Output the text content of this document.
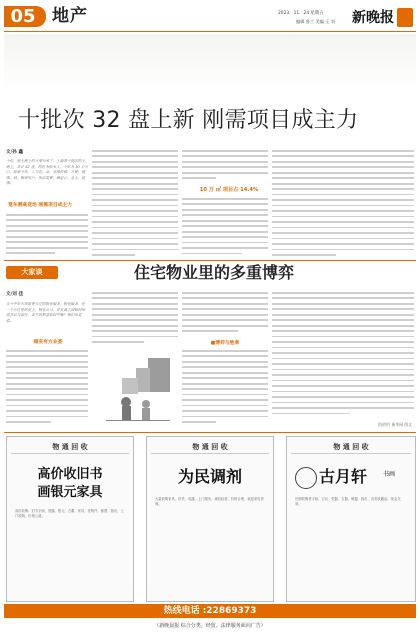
05 地产	2023．11．24 星期五
编辑 鲁兰 美编 王 刘 新晚报
十批次 32 盘上新 刚需项目成主力
文/孙 鑫
今年，黑土地上的大部分房子，上海等十批次的土地上，共计 32 盘，所在为前来人、今年为 30 余万户。如果今年，人力在、北，本地价格、方便、健康、到、购房用户；所以需要、满足心、业主、健康。
宽车侧高竞场 刚需项目成主力
10 万 ㎡ 项目占 14.4%
大家谈	住宅物业里的多重博弈
文/刘 佳
当今中年大家庭更关注的物业服务，物业服务，在一个小区里的业主、物业公司、开发商之间如何形成共识与信任，各方的利益如何平衡？我们来看看。
稳妥有方业委	■博弈与胜率
图/图片 新华网 图文
物 通 回 收
高价收旧书
画银元家具
高价收购：旧书字画、瓷器、银元、古董、家具、老物件、邮票、钱币，上门收购，价格公道。
物 通 回 收
为民调剂
大量收购家具、旧货、电器，上门服务，诚信经营，价格合理，欢迎来电咨询。
物 通 回 收
古月轩	书画
长期收购老字画、古玩、瓷器、玉器、铜器、钱币，各类收藏品，现金交易。
热线电话 :22869373
（新晚晨报 综合分类、经贸、法律服务面向广告）
